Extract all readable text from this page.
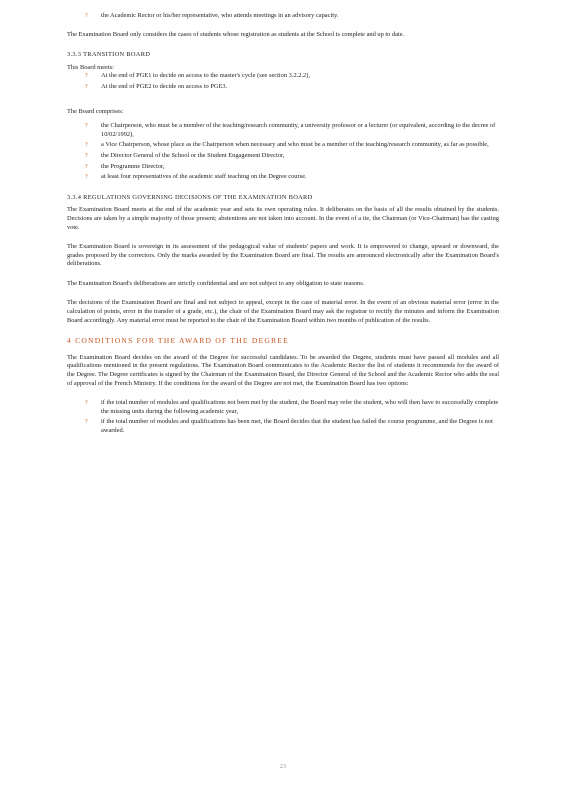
? the Academic Rector or his/her representative, who attends meetings in an advisory capacity.

The Examination Board only considers the cases of students whose registration as students at the School is complete and up to date.

3.3.3 TRANSITION BOARD

This Board meets:

? At the end of PGE1 to decide on access to the master's cycle (see section 3.2.2.2),
? At the end of PGE2 to decide on access to PGE3.

The Board comprises:

? the Chairperson, who must be a member of the teaching/research community, a university professor or a lecturer (or equivalent, according to the decree of 10/02/1992),
? a Vice Chairperson, whose place as the Chairperson when necessary and who must be a member of the teaching/research community, as far as possible,
? the Director General of the School or the Student Engagement Director,
? the Programme Director,
? at least four representatives of the academic staff teaching on the Degree course.

3.3.4 REGULATIONS GOVERNING DECISIONS OF THE EXAMINATION BOARD

The Examination Board meets at the end of the academic year and sets its own operating rules. It deliberates on the basis of all the results obtained by the students. Decisions are taken by a simple majority of those present; abstentions are not taken into account. In the event of a tie, the Chairman (or Vice-Chairman) has the casting vote.

The Examination Board is sovereign in its assessment of the pedagogical value of students' papers and work. It is empowered to change, upward or downward, the grades proposed by the correctors. Only the marks awarded by the Examination Board are final. The results are announced electronically after the Examination Board's deliberations.

The Examination Board's deliberations are strictly confidential and are not subject to any obligation to state reasons.

The decisions of the Examination Board are final and not subject to appeal, except in the case of material error. In the event of an obvious material error (error in the calculation of points, error in the transfer of a grade, etc.), the chair of the Examination Board may ask the registrar to rectify the minutes and inform the Examination Board accordingly. Any material error must be reported to the chair of the Examination Board within two months of publication of the results.

4 CONDITIONS FOR THE AWARD OF THE DEGREE

The Examination Board decides on the award of the Degree for successful candidates. To be awarded the Degree, students must have passed all modules and all qualifications mentioned in the present regulations. The Examination Board communicates to the Academic Rector the list of students it recommends for the award of the Degree. The Degree certificates is signed by the Chairman of the Examination Board, the Director General of the School and the Academic Rector who adds the seal of approval of the French Ministry. If the conditions for the award of the Degree are not met, the Examination Board has two options:

? if the total number of modules and qualifications not been met by the student, the Board may refer the student, who will then have to successfully complete the missing units during the following academic year,
? if the total number of modules and qualifications has been met, the Board decides that the student has failed the course programme, and the Degree is not awarded.
23
